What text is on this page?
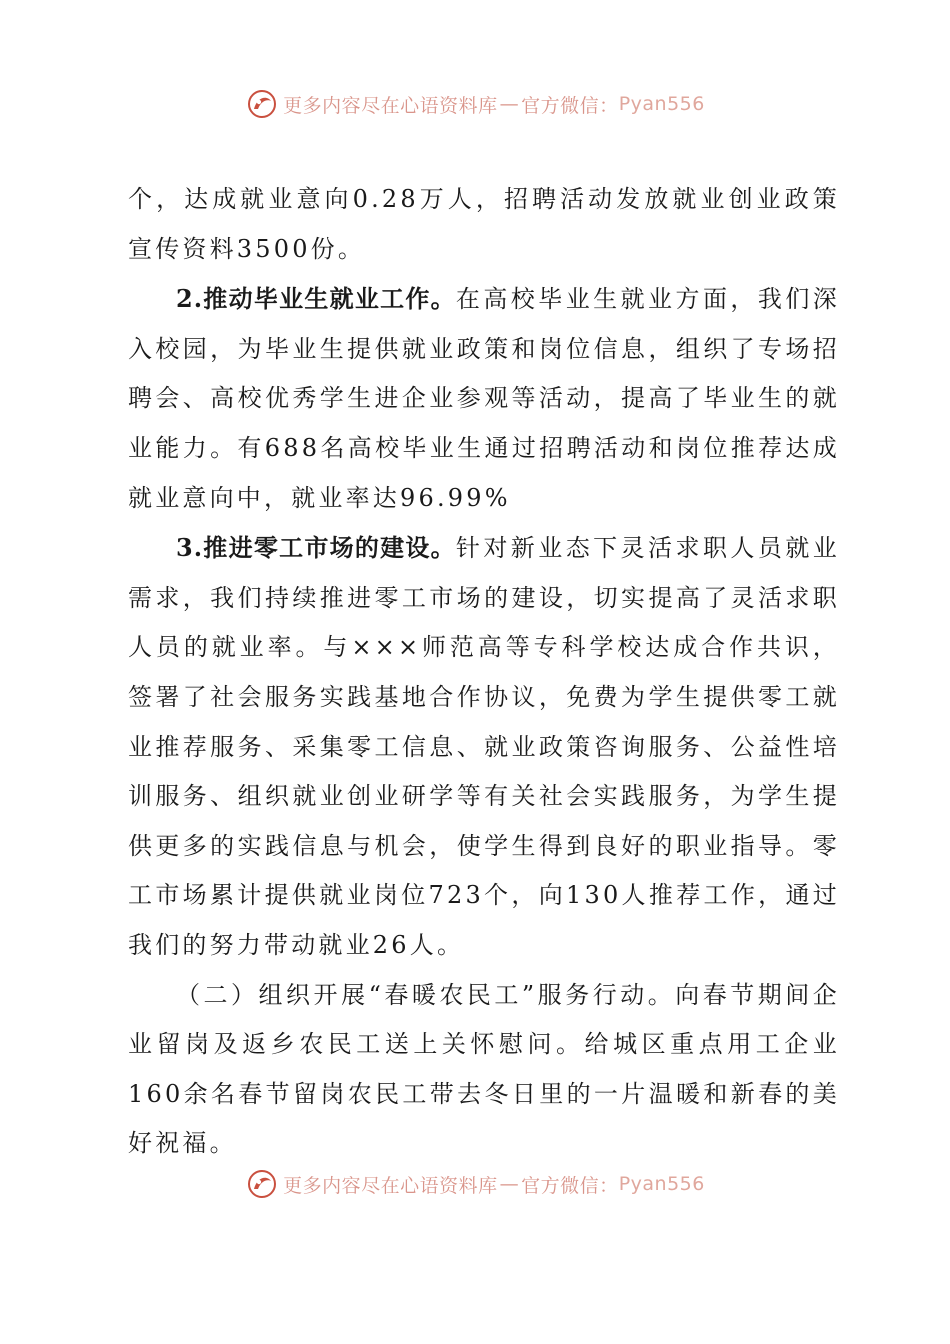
更多内容尽在心语资料库 — 官方微信： Pyan556

个，达成就业意向0.28万人，招聘活动发放就业创业政策宣传资料3500份。

2.推动毕业生就业工作。在高校毕业生就业方面，我们深入校园，为毕业生提供就业政策和岗位信息，组织了专场招聘会、高校优秀学生进企业参观等活动，提高了毕业生的就业能力。有688名高校毕业生通过招聘活动和岗位推荐达成就业意向中，就业率达96.99%

3.推进零工市场的建设。针对新业态下灵活求职人员就业需求，我们持续推进零工市场的建设，切实提高了灵活求职人员的就业率。与×××师范高等专科学校达成合作共识，签署了社会服务实践基地合作协议，免费为学生提供零工就业推荐服务、采集零工信息、就业政策咨询服务、公益性培训服务、组织就业创业研学等有关社会实践服务，为学生提供更多的实践信息与机会，使学生得到良好的职业指导。零工市场累计提供就业岗位723个，向130人推荐工作，通过我们的努力带动就业26人。

（二）组织开展“春暖农民工”服务行动。向春节期间企业留岗及返乡农民工送上关怀慰问。给城区重点用工企业160余名春节留岗农民工带去冬日里的一片温暖和新春的美好祝福。

更多内容尽在心语资料库 — 官方微信： Pyan556
